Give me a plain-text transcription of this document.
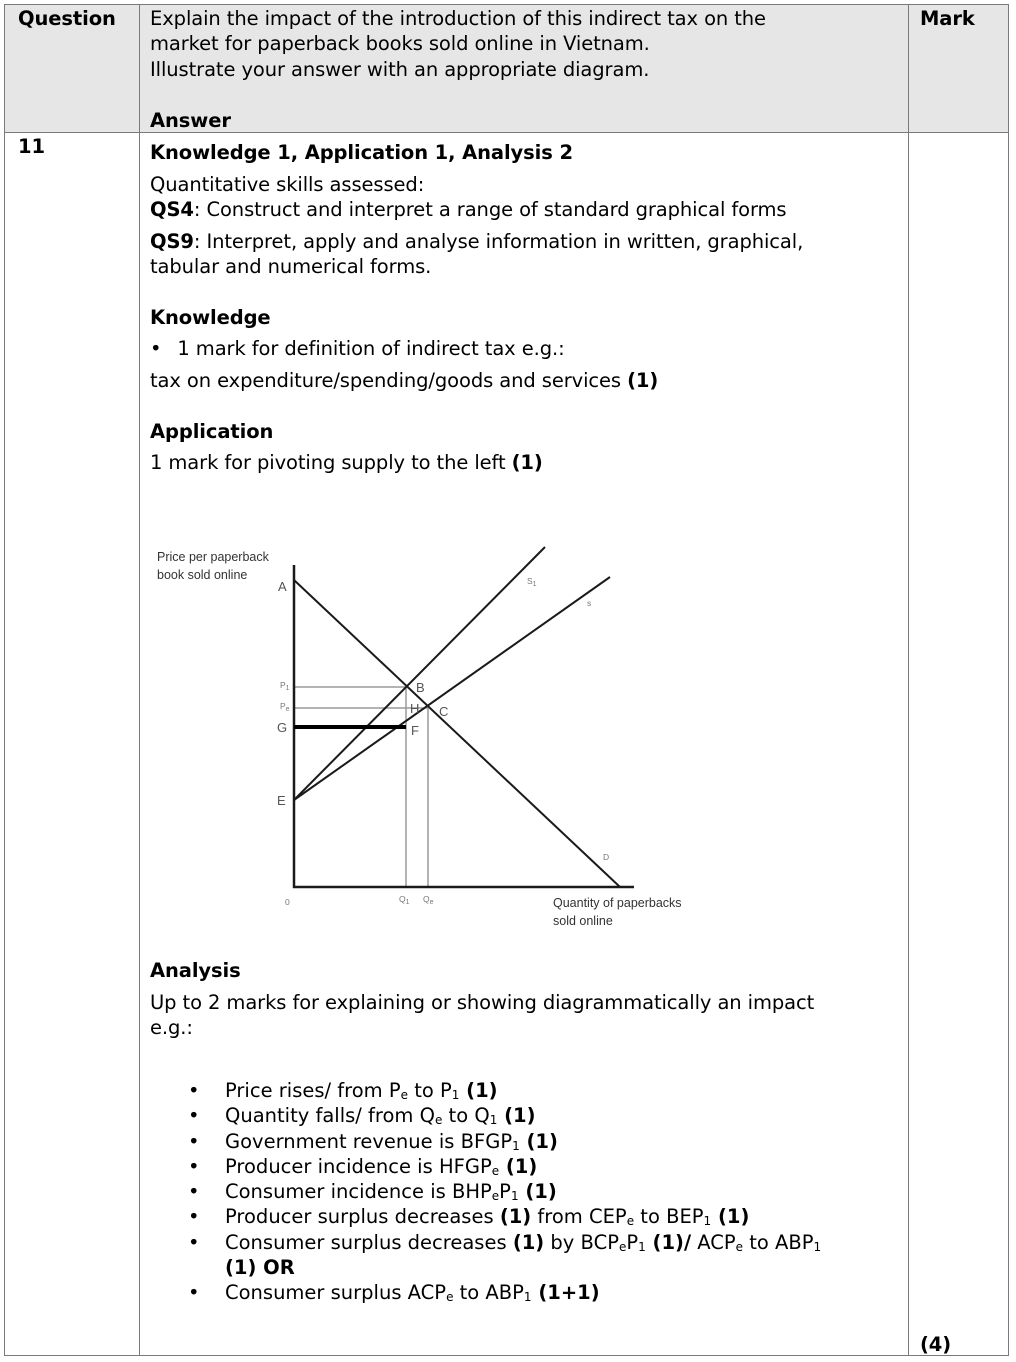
Question Explain the impact of the introduction of this indirect tax on the
market for paperback books sold online in Vietnam.
Illustrate your answer with an appropriate diagram.
Answer
Mark
11	Knowledge 1, Application 1, Analysis 2
Quantitative skills assessed:
QS4: Construct and interpret a range of standard graphical forms
QS9: Interpret, apply and analyse information in written, graphical,
tabular and numerical forms.
Knowledge
• 1 mark for definition of indirect tax e.g.:
tax on expenditure/spending/goods and services (1)
Application
1 mark for pivoting supply to the left (1)
Price per paperback
book sold online
Quantity of paperbacks
sold online
A
G
E
B
H C
F
$P_1$
$P_e$
$S_1$
s
D
0	$Q_1$ $Q_e$
Analysis
Up to 2 marks for explaining or showing diagrammatically an impact
e.g.:
• Price rises/ from $P_e$ to $P_1$ (1)
• Quantity falls/ from $Q_e$ to $Q_1$ (1)
• Government revenue is $BFGP_1$ (1)
• Producer incidence is $HFGP_e$ (1)
• Consumer incidence is $BHP_eP_1$ (1)
• Producer surplus decreases (1) from $CEP_e$ to $BEP_1$ (1)
• Consumer surplus decreases (1) by $BCP_eP_1$ (1)/ $ACP_e$ to $ABP_1$
(1) OR
• Consumer surplus $ACP_e$ to $ABP_1$ (1+1)
(4)
